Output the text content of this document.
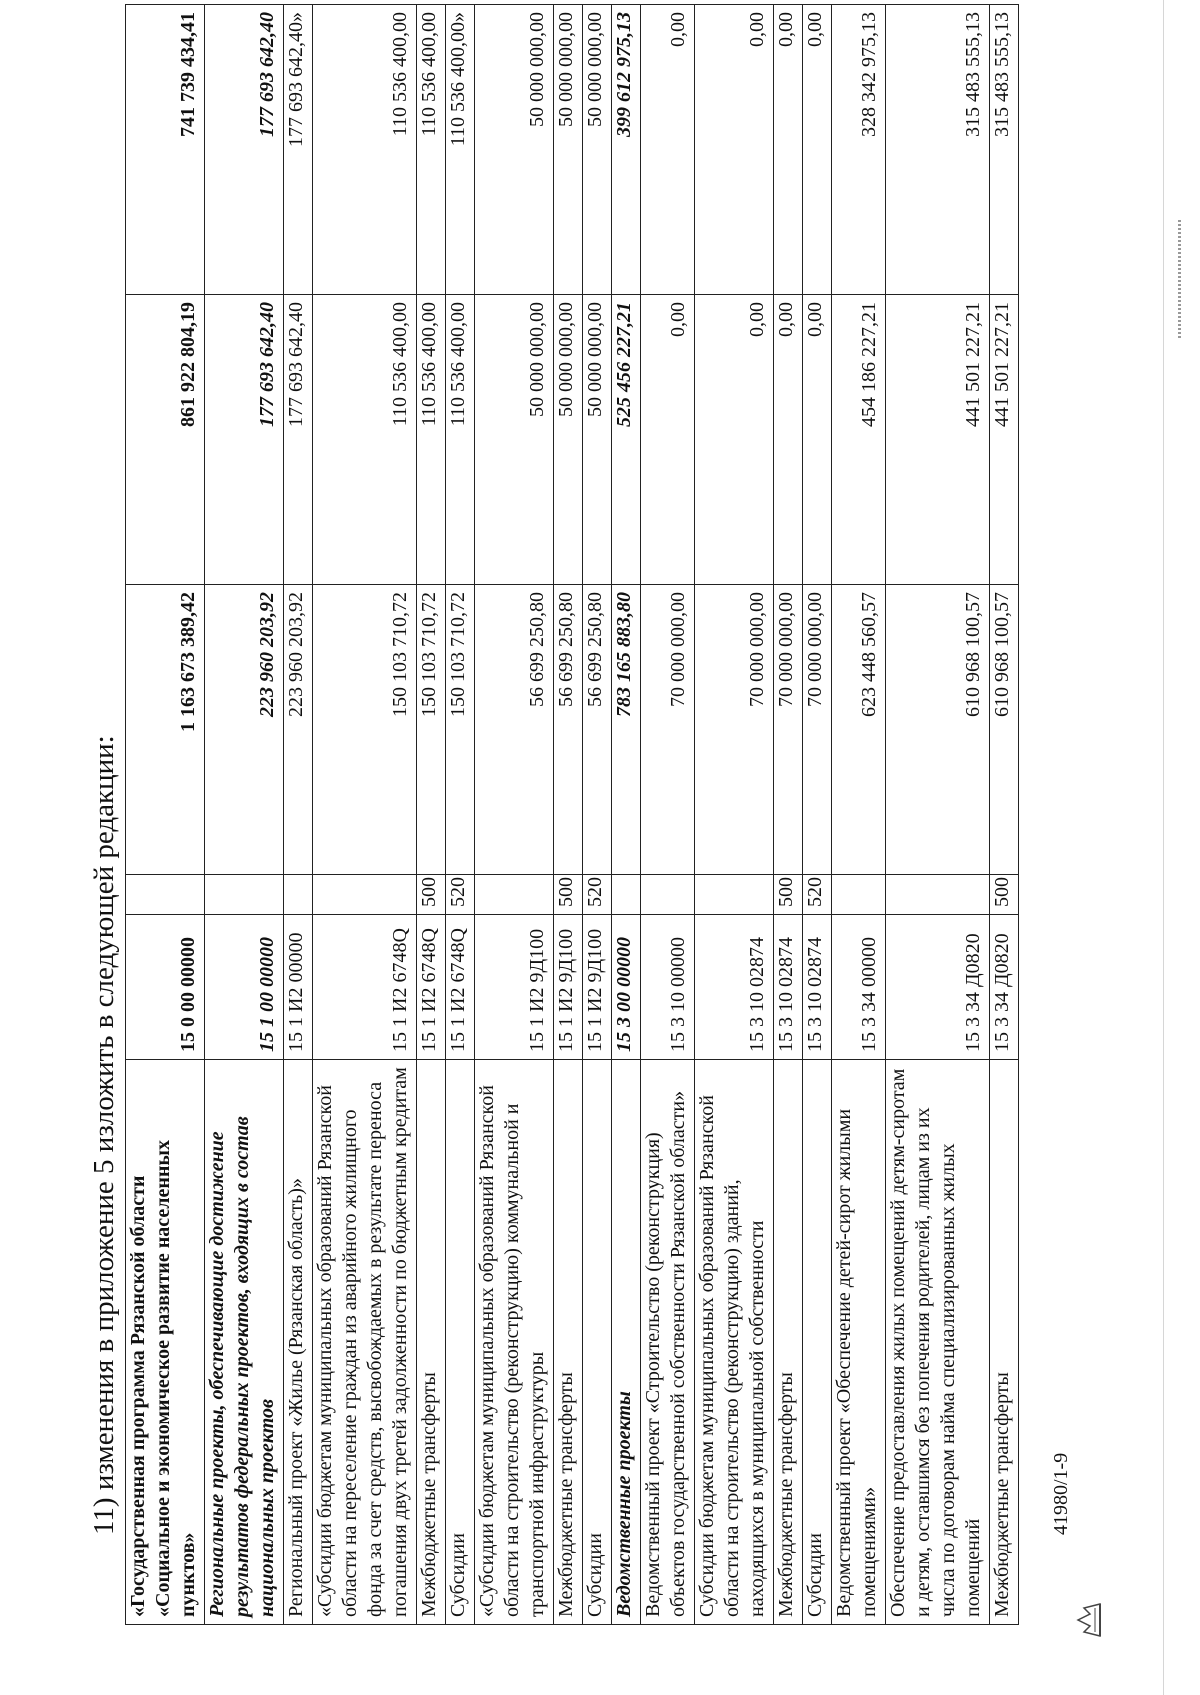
11) изменения в приложение 5 изложить в следующей редакции: «Государственная программа Рязанской области «Социальное и экономическое развитие населенных пунктов»	15 0 00 00000		1 163 673 389,42	861 922 804,19	741 739 434,41
Региональные проекты, обеспечивающие достижение результатов федеральных проектов, входящих в состав национальных проектов	15 1 00 00000		223 960 203,92	177 693 642,40	177 693 642,40
Региональный проект «Жилье (Рязанская область)»	15 1 И2 00000		223 960 203,92	177 693 642,40	177 693 642,40»
«Субсидии бюджетам муниципальных образований Рязанской области на переселение граждан из аварийного жилищного фонда за счет средств, высвобождаемых в результате переноса погашения двух третей задолженности по бюджетным кредитам	15 1 И2 6748Q		150 103 710,72	110 536 400,00	110 536 400,00
Межбюджетные трансферты	15 1 И2 6748Q	500	150 103 710,72	110 536 400,00	110 536 400,00
Субсидии	15 1 И2 6748Q	520	150 103 710,72	110 536 400,00	110 536 400,00»
«Субсидии бюджетам муниципальных образований Рязанской области на строительство (реконструкцию) коммунальной и транспортной инфраструктуры	15 1 И2 9Д100		56 699 250,80	50 000 000,00	50 000 000,00
Межбюджетные трансферты	15 1 И2 9Д100	500	56 699 250,80	50 000 000,00	50 000 000,00
Субсидии	15 1 И2 9Д100	520	56 699 250,80	50 000 000,00	50 000 000,00
Ведомственные проекты	15 3 00 00000		783 165 883,80	525 456 227,21	399 612 975,13
Ведомственный проект «Строительство (реконструкция) объектов государственной собственности Рязанской области»	15 3 10 00000		70 000 000,00	0,00	0,00
Субсидии бюджетам муниципальных образований Рязанской области на строительство (реконструкцию) зданий, находящихся в муниципальной собственности	15 3 10 02874		70 000 000,00	0,00	0,00
Межбюджетные трансферты	15 3 10 02874	500	70 000 000,00	0,00	0,00
Субсидии	15 3 10 02874	520	70 000 000,00	0,00	0,00
Ведомственный проект «Обеспечение детей-сирот жилыми помещениями»	15 3 34 00000		623 448 560,57	454 186 227,21	328 342 975,13
Обеспечение предоставления жилых помещений детям-сиротам и детям, оставшимся без попечения родителей, лицам из их числа по договорам найма специализированных жилых помещений	15 3 34 Д0820		610 968 100,57	441 501 227,21	315 483 555,13
Межбюджетные трансферты	15 3 34 Д0820	500	610 968 100,57	441 501 227,21	315 483 555,13
41980/1-9
